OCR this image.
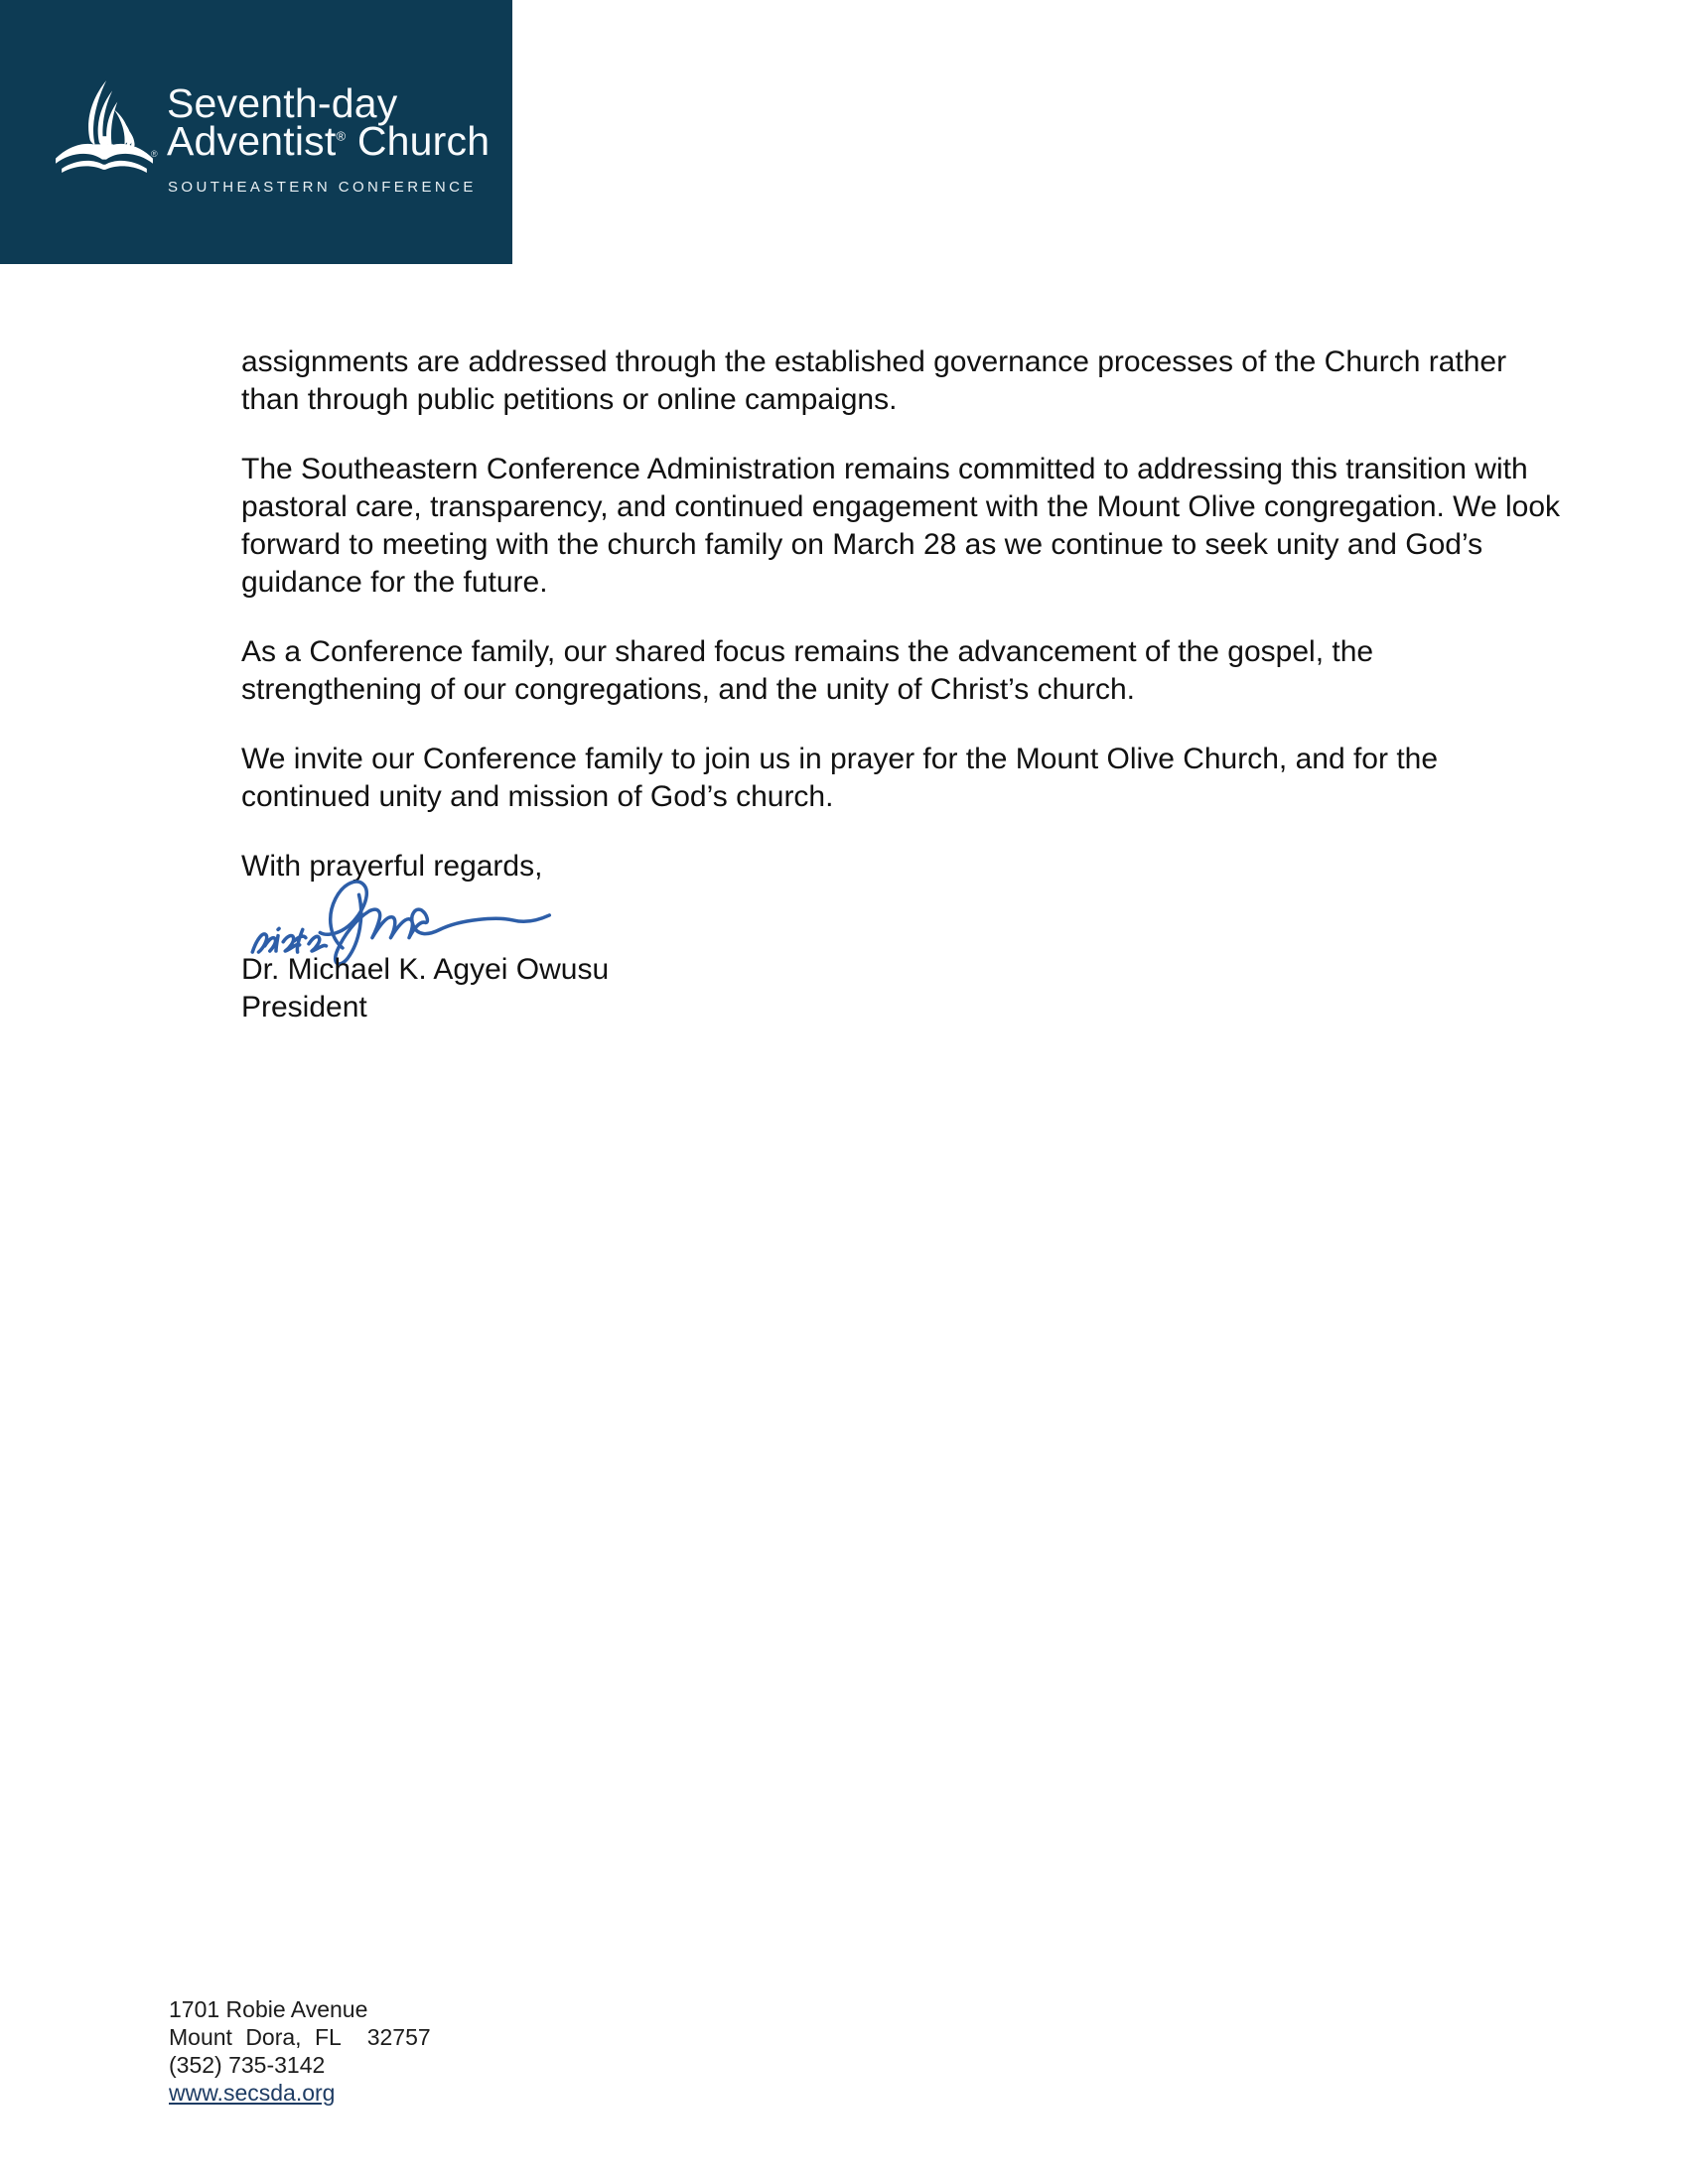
®
Seventh-day
Adventist® Church
SOUTHEASTERN CONFERENCE
assignments are addressed through the established governance processes of the Church rather
than through public petitions or online campaigns.
The Southeastern Conference Administration remains committed to addressing this transition with
pastoral care, transparency, and continued engagement with the Mount Olive congregation. We look
forward to meeting with the church family on March 28 as we continue to seek unity and God’s
guidance for the future.
As a Conference family, our shared focus remains the advancement of the gospel, the
strengthening of our congregations, and the unity of Christ’s church.
We invite our Conference family to join us in prayer for the Mount Olive Church, and for the
continued unity and mission of God’s church.
With prayerful regards,
Dr. Michael K. Agyei Owusu
President
1701 Robie Avenue
Mount Dora, FL  32757
(352) 735-3142
www.secsda.org
